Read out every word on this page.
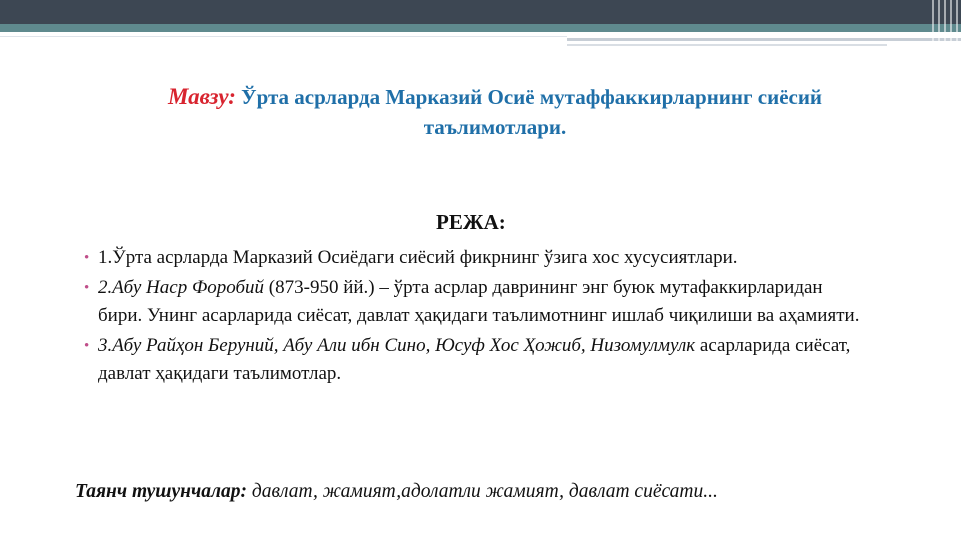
Мавзу: Ўрта асрларда Марказий Осиё мутаффаккирларнинг сиёсий таълимотлари.
РЕЖА:
• 1.Ўрта асрларда Марказий Осиёдаги сиёсий фикрнинг ўзига хос хусусиятлари.
• 2.Абу Наср Форобий (873-950 йй.) – ўрта асрлар даврининг энг буюк мутафаккирларидан бири. Унинг асарларида сиёсат, давлат ҳақидаги таълимотнинг ишлаб чиқилиши ва аҳамияти.
• 3.Абу Райҳон Беруний, Абу Али ибн Сино, Юсуф Хос Ҳожиб, Низомулмулк асарларида сиёсат, давлат ҳақидаги таълимотлар.
Таянч тушунчалар: давлат, жамият,адолатли жамият, давлат сиёсати...
